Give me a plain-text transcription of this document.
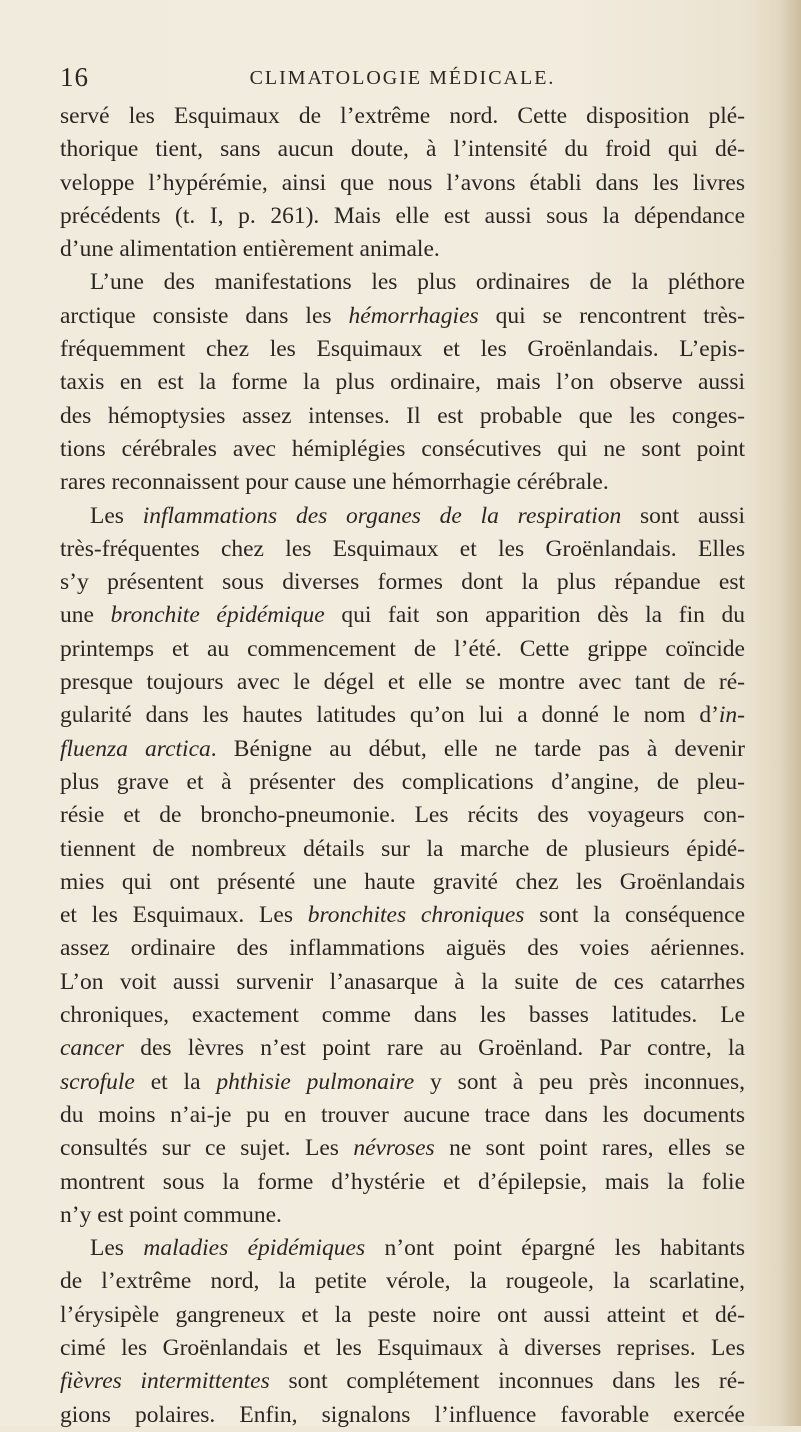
16	CLIMATOLOGIE MÉDICALE.
servé les Esquimaux de l’extrême nord. Cette disposition plé-
thorique tient, sans aucun doute, à l’intensité du froid qui dé-
veloppe l’hypérémie, ainsi que nous l’avons établi dans les livres
précédents (t. I, p. 261). Mais elle est aussi sous la dépendance
d’une alimentation entièrement animale.
L’une des manifestations les plus ordinaires de la pléthore
arctique consiste dans les hémorrhagies qui se rencontrent très-
fréquemment chez les Esquimaux et les Groënlandais. L’epis-
taxis en est la forme la plus ordinaire, mais l’on observe aussi
des hémoptysies assez intenses. Il est probable que les conges-
tions cérébrales avec hémiplégies consécutives qui ne sont point
rares reconnaissent pour cause une hémorrhagie cérébrale.
Les inflammations des organes de la respiration sont aussi
très-fréquentes chez les Esquimaux et les Groënlandais. Elles
s’y présentent sous diverses formes dont la plus répandue est
une bronchite épidémique qui fait son apparition dès la fin du
printemps et au commencement de l’été. Cette grippe coïncide
presque toujours avec le dégel et elle se montre avec tant de ré-
gularité dans les hautes latitudes qu’on lui a donné le nom d’in-
fluenza arctica. Bénigne au début, elle ne tarde pas à devenir
plus grave et à présenter des complications d’angine, de pleu-
résie et de broncho-pneumonie. Les récits des voyageurs con-
tiennent de nombreux détails sur la marche de plusieurs épidé-
mies qui ont présenté une haute gravité chez les Groënlandais
et les Esquimaux. Les bronchites chroniques sont la conséquence
assez ordinaire des inflammations aiguës des voies aériennes.
L’on voit aussi survenir l’anasarque à la suite de ces catarrhes
chroniques, exactement comme dans les basses latitudes. Le
cancer des lèvres n’est point rare au Groënland. Par contre, la
scrofule et la phthisie pulmonaire y sont à peu près inconnues,
du moins n’ai-je pu en trouver aucune trace dans les documents
consultés sur ce sujet. Les névroses ne sont point rares, elles se
montrent sous la forme d’hystérie et d’épilepsie, mais la folie
n’y est point commune.
Les maladies épidémiques n’ont point épargné les habitants
de l’extrême nord, la petite vérole, la rougeole, la scarlatine,
l’érysipèle gangreneux et la peste noire ont aussi atteint et dé-
cimé les Groënlandais et les Esquimaux à diverses reprises. Les
fièvres intermittentes sont complétement inconnues dans les ré-
gions polaires. Enfin, signalons l’influence favorable exercée
